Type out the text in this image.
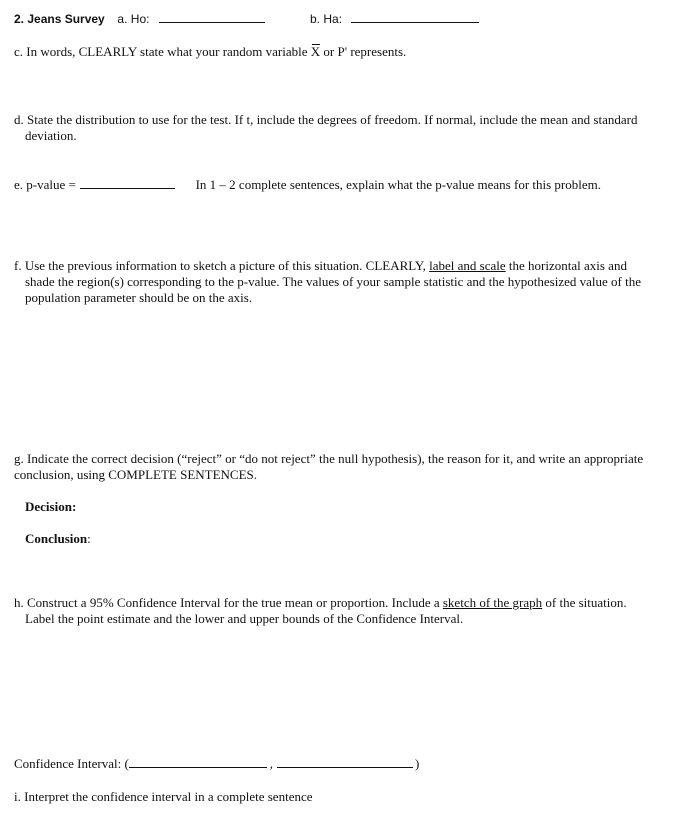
2. Jeans Survey a. Ho:	b. Ha:
c. In words, CLEARLY state what your random variable X or P' represents.
d. State the distribution to use for the test. If t, include the degrees of freedom. If normal, include the mean and standard deviation.
e. p-value =	In 1 – 2 complete sentences, explain what the p-value means for this problem.
f. Use the previous information to sketch a picture of this situation. CLEARLY, label and scale the horizontal axis and shade the region(s) corresponding to the p-value. The values of your sample statistic and the hypothesized value of the population parameter should be on the axis.
g. Indicate the correct decision (“reject” or “do not reject” the null hypothesis), the reason for it, and write an appropriate conclusion, using COMPLETE SENTENCES.
Decision:
Conclusion:
h. Construct a 95% Confidence Interval for the true mean or proportion. Include a sketch of the graph of the situation. Label the point estimate and the lower and upper bounds of the Confidence Interval.
Confidence Interval: (	,	)
i. Interpret the confidence interval in a complete sentence
